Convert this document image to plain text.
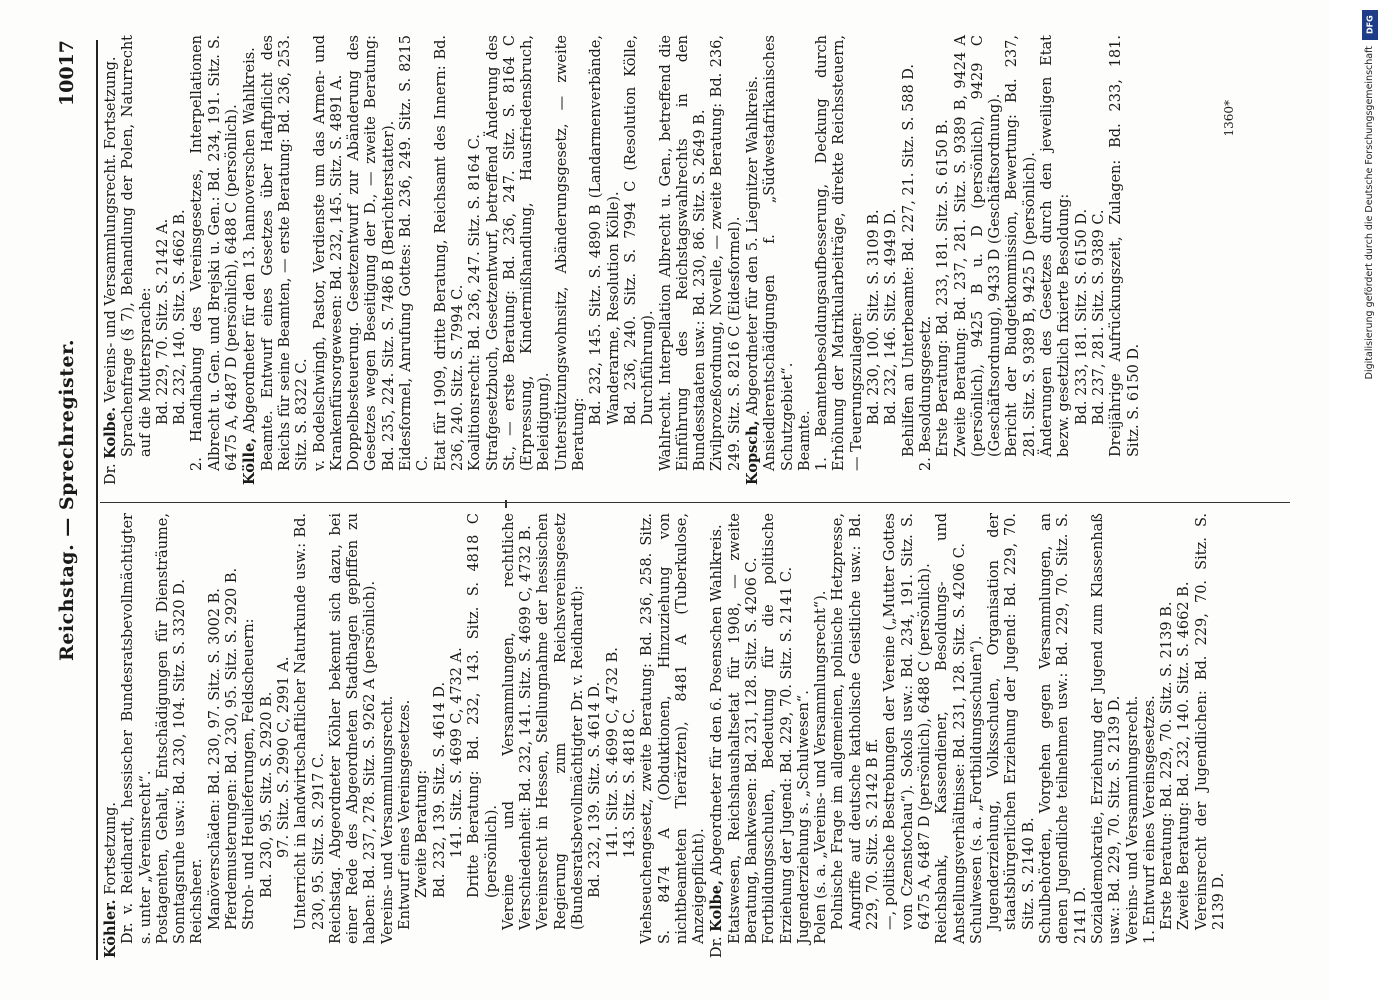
Reichstag. — Sprechregister.
10017

Köhler. Fortsetzung. Dr. v. Reidhardt, hessischer Bundesratsbevollmächtigter s. unter „Vereinsrecht“. Postagenten, Gehalt, Entschädigungen für Diensträume, Sonntagsruhe usw.: Bd. 230, 104. Sitz. S. 3320 D. Reichsheer. Manöverschäden: Bd. 230, 97. Sitz. S. 3002 B. Pferdemusterungen: Bd. 230, 95. Sitz. S. 2920 B. Stroh- und Heulieferungen, Feldscheuern: Bd. 230, 95. Sitz. S. 2920 B. 97. Sitz. S. 2990 C, 2991 A. Unterricht in landwirtschaftlicher Naturkunde usw.: Bd. 230, 95. Sitz. S. 2917 C. Reichstag. Abgeordneter Köhler bekennt sich dazu, bei einer Rede des Abgeordneten Stadthagen gepfiffen zu haben: Bd. 237, 278. Sitz. S. 9262 A (persönlich). Vereins- und Versammlungsrecht. Entwurf eines Vereinsgesetzes. Zweite Beratung: Bd. 232, 139. Sitz. S. 4614 D. 141. Sitz. S. 4699 C, 4732 A. Dritte Beratung: Bd. 232, 143. Sitz. S. 4818 C (persönlich). Vereine und Versammlungen, rechtliche Verschiedenheit: Bd. 232, 141. Sitz. S. 4699 C, 4732 B. Vereinsrecht in Hessen, Stellungnahme der hessischen Regierung zum Reichsvereinsgesetz (Bundesratsbevollmächtigter Dr. v. Reidhardt): Bd. 232, 139. Sitz. S. 4614 D. 141. Sitz. S. 4699 C, 4732 B. 143. Sitz. S. 4818 C. Viehseuchengesetz, zweite Beratung: Bd. 236, 258. Sitz. S. 8474 A (Obduktionen, Hinzuziehung von nichtbeamteten Tierärzten), 8481 A (Tuberkulose, Anzeigepflicht).

Dr. Kolbe, Abgeordneter für den 6. Posenschen Wahlkreis. Etatswesen, Reichshaushaltsetat für 1908, — zweite Beratung, Bankwesen: Bd. 231, 128. Sitz. S. 4206 C. Fortbildungsschulen, Bedeutung für die politische Erziehung der Jugend: Bd. 229, 70. Sitz. S. 2141 C. Jugenderziehung s. „Schulwesen“. Polen (s. a. „Vereins- und Versammlungsrecht“). Polnische Frage im allgemeinen, polnische Hetzpresse, Angriffe auf deutsche katholische Geistliche usw.: Bd. 229, 70. Sitz. S. 2142 B ff. —, politische Bestrebungen der Vereine („Mutter Gottes von Czenstochau“). Sokols usw.: Bd. 234, 191. Sitz. S. 6475 A, 6487 D (persönlich), 6488 C (persönlich). Reichsbank, Kassendiener, Besoldungs- und Anstellungsverhältnisse: Bd. 231, 128. Sitz. S. 4206 C. Schulwesen (s. a. „Fortbildungsschulen“). Jugenderziehung, Volksschulen, Organisation der staatsbürgerlichen Erziehung der Jugend: Bd. 229, 70. Sitz. S. 2140 B. Schulbehörden, Vorgehen gegen Versammlungen, an denen Jugendliche teilnehmen usw.: Bd. 229, 70. Sitz. S. 2141 D. Sozialdemokratie, Erziehung der Jugend zum Klassenhaß usw.: Bd. 229, 70. Sitz. S. 2139 D. Vereins- und Versammlungsrecht. 1. Entwurf eines Vereinsgesetzes. Erste Beratung: Bd. 229, 70. Sitz. S. 2139 B. Zweite Beratung: Bd. 232, 140. Sitz. S. 4662 B. Vereinsrecht der Jugendlichen: Bd. 229, 70. Sitz. S. 2139 D.

Dr. Kolbe. Vereins- und Versammlungsrecht. Fortsetzung. Sprachenfrage (§ 7), Behandlung der Polen, Naturrecht auf die Muttersprache: Bd. 229, 70. Sitz. S. 2142 A. Bd. 232, 140. Sitz. S. 4662 B. 2. Handhabung des Vereinsgesetzes, Interpellationen Albrecht u. Gen. und Brejski u. Gen.: Bd. 234, 191. Sitz. S. 6475 A, 6487 D (persönlich), 6488 C (persönlich). Kölle, Abgeordneter für den 13. hannoverschen Wahlkreis. Beamte. Entwurf eines Gesetzes über Haftpflicht des Reichs für seine Beamten, — erste Beratung: Bd. 236, 253. Sitz. S. 8322 C. v. Bodelschwingh, Pastor, Verdienste um das Armen- und Krankenfürsorgewesen: Bd. 232, 145. Sitz. S. 4891 A. Doppelbesteuerung. Gesetzentwurf zur Abänderung des Gesetzes wegen Beseitigung der D., — zweite Beratung: Bd. 235, 224. Sitz. S. 7486 B (Berichterstatter). Eidesformel, Anrufung Gottes: Bd. 236, 249. Sitz. S. 8215 C. Etat für 1909, dritte Beratung, Reichsamt des Innern: Bd. 236, 240. Sitz. S. 7994 C. Koalitionsrecht: Bd. 236, 247. Sitz. S. 8164 C. Strafgesetzbuch, Gesetzentwurf, betreffend Änderung des St., — erste Beratung: Bd. 236, 247. Sitz. S. 8164 C (Erpressung, Kindermißhandlung, Hausfriedensbruch, Beleidigung). Unterstützungswohnsitz, Abänderungsgesetz, — zweite Beratung:

Bd. 232, 145. Sitz. S. 4890 B (Landarmenverbände, Wanderarme, Resolution Kölle). Bd. 236, 240. Sitz. S. 7994 C (Resolution Kölle, Durchführung). Wahlrecht. Interpellation Albrecht u. Gen., betreffend die Einführung des Reichstagswahlrechts in den Bundesstaaten usw.: Bd. 230, 86. Sitz. S. 2649 B. Zivilprozeßordnung, Novelle, — zweite Beratung: Bd. 236, 249. Sitz. S. 8216 C (Eidesformel). Kopsch, Abgeordneter für den 5. Liegnitzer Wahlkreis. Ansiedlerentschädigungen f. „Südwestafrikanisches Schutzgebiet“. Beamte. 1. Beamtenbesoldungsaufbesserung, Deckung durch Erhöhung der Matrikularbeiträge, direkte Reichssteuern, — Teuerungszulagen: Bd. 230, 100. Sitz. S. 3109 B. Bd. 232, 146. Sitz. S. 4949 D. Behilfen an Unterbeamte: Bd. 227, 21. Sitz. S. 588 D. 2. Besoldungsgesetz. Erste Beratung: Bd. 233, 181. Sitz. S. 6150 B. Zweite Beratung: Bd. 237, 281. Sitz. S. 9389 B, 9424 A (persönlich), 9425 B u. D (persönlich), 9429 C (Geschäftsordnung), 9433 D (Geschäftsordnung). Bericht der Budgetkommission, Bewertung: Bd. 237, 281. Sitz. S. 9389 B, 9425 D (persönlich). Änderungen des Gesetzes durch den jeweiligen Etat bezw. gesetzlich fixierte Besoldung: Bd. 233, 181. Sitz. S. 6150 D. Bd. 237, 281. Sitz. S. 9389 C. Dreijährige Aufrückungszeit, Zulagen: Bd. 233, 181. Sitz. S. 6150 D.

1360*
DFG
Digitalisierung gefördert durch die Deutsche Forschungsgemeinschaft
